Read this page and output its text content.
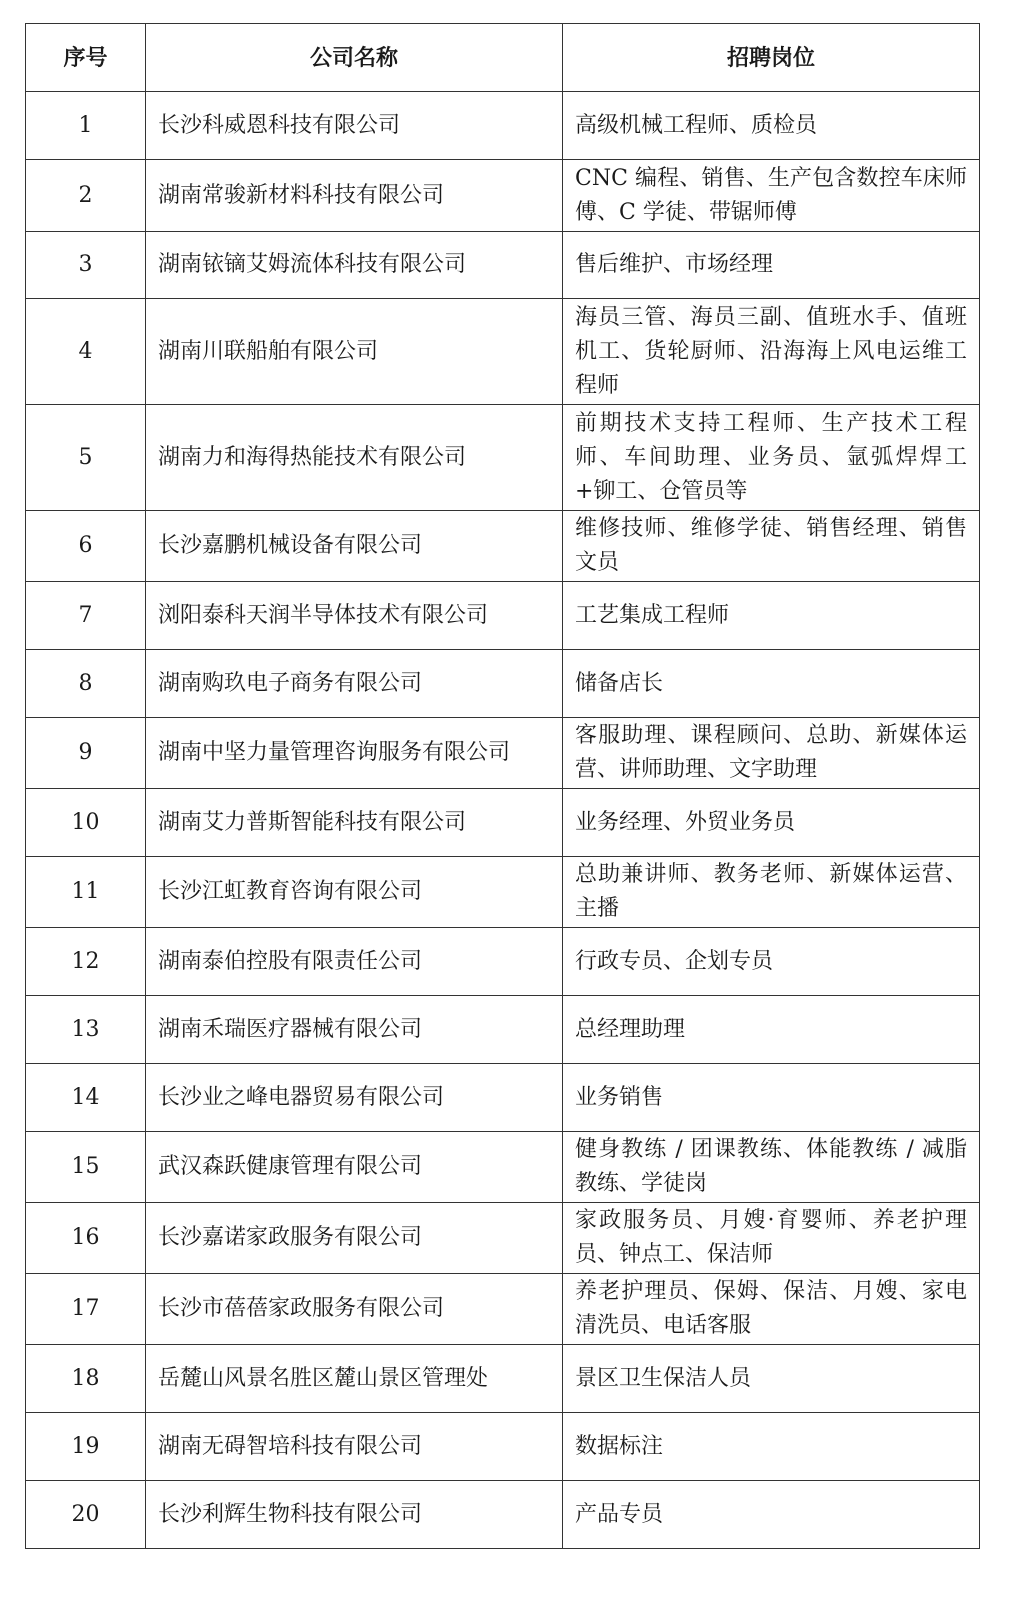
序号	公司名称	招聘岗位
1	长沙科威恩科技有限公司	高级机械工程师、质检员
2	湖南常骏新材料科技有限公司	CNC 编程、销售、生产包含数控车床师傅、C 学徒、带锯师傅
3	湖南铱镝艾姆流体科技有限公司	售后维护、市场经理
4	湖南川联船舶有限公司	海员三管、海员三副、值班水手、值班机工、货轮厨师、沿海海上风电运维工程师
5	湖南力和海得热能技术有限公司	前期技术支持工程师、生产技术工程师、车间助理、业务员、氩弧焊焊工+铆工、仓管员等
6	长沙嘉鹏机械设备有限公司	维修技师、维修学徒、销售经理、销售文员
7	浏阳泰科天润半导体技术有限公司	工艺集成工程师
8	湖南购玖电子商务有限公司	储备店长
9	湖南中坚力量管理咨询服务有限公司	客服助理、课程顾问、总助、新媒体运营、讲师助理、文字助理
10	湖南艾力普斯智能科技有限公司	业务经理、外贸业务员
11	长沙江虹教育咨询有限公司	总助兼讲师、教务老师、新媒体运营、主播
12	湖南泰伯控股有限责任公司	行政专员、企划专员
13	湖南禾瑞医疗器械有限公司	总经理助理
14	长沙业之峰电器贸易有限公司	业务销售
15	武汉森跃健康管理有限公司	健身教练 / 团课教练、体能教练 / 减脂教练、学徒岗
16	长沙嘉诺家政服务有限公司	家政服务员、月嫂·育婴师、养老护理员、钟点工、保洁师
17	长沙市蓓蓓家政服务有限公司	养老护理员、保姆、保洁、月嫂、家电清洗员、电话客服
18	岳麓山风景名胜区麓山景区管理处	景区卫生保洁人员
19	湖南无碍智培科技有限公司	数据标注
20	长沙利辉生物科技有限公司	产品专员
